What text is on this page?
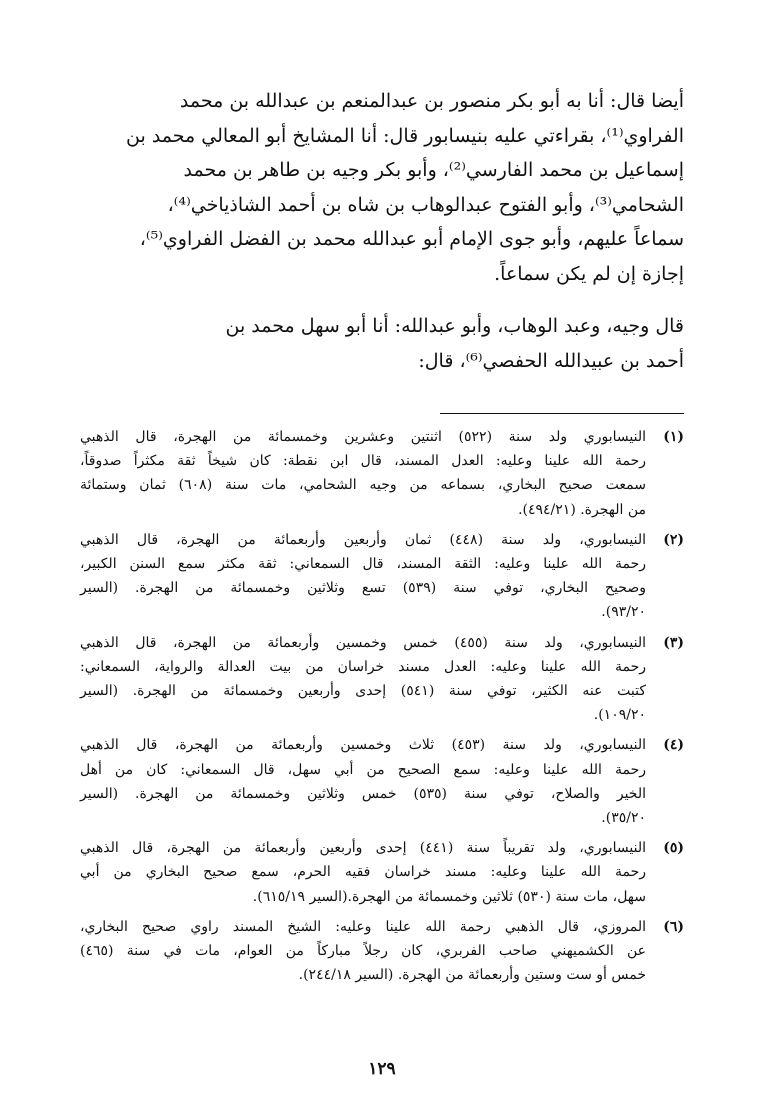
أيضا قال: أنا به أبو بكر منصور بن عبدالمنعم بن عبدالله بن محمد
الفراوي⁽¹⁾، بقراءتي عليه بنيسابور قال: أنا المشايخ أبو المعالي محمد بن
إسماعيل بن محمد الفارسي⁽²⁾، وأبو بكر وجيه بن طاهر بن محمد
الشحامي⁽³⁾، وأبو الفتوح عبدالوهاب بن شاه بن أحمد الشاذياخي⁽⁴⁾،
سماعاً عليهم، وأبو جوى الإمام أبو عبدالله محمد بن الفضل الفراوي⁽⁵⁾،
إجازة إن لم يكن سماعاً.
قال وجيه، وعبد الوهاب، وأبو عبدالله: أنا أبو سهل محمد بن
أحمد بن عبيدالله الحفصي⁽⁶⁾، قال:
(١)
النيسابوري ولد سنة (٥٢٢) اثنتين وعشرين وخمسمائة من الهجرة، قال الذهبي
رحمة الله علينا وعليه: العدل المسند، قال ابن نقطة: كان شيخاً ثقة مكثراً صدوقاً،
سمعت صحيح البخاري، بسماعه من وجيه الشحامي، مات سنة (٦٠٨) ثمان وستمائة
من الهجرة. (٤٩٤/٢١).
(٢)
النيسابوري، ولد سنة (٤٤٨) ثمان وأربعين وأربعمائة من الهجرة، قال الذهبي
رحمة الله علينا وعليه: الثقة المسند، قال السمعاني: ثقة مكثر سمع السنن الكبير،
وصحيح البخاري، توفي سنة (٥٣٩) تسع وثلاثين وخمسمائة من الهجرة. (السير
٩٣/٢٠).
(٣)
النيسابوري، ولد سنة (٤٥٥) خمس وخمسين وأربعمائة من الهجرة، قال الذهبي
رحمة الله علينا وعليه: العدل مسند خراسان من بيت العدالة والرواية، السمعاني:
كتبت عنه الكثير، توفي سنة (٥٤١) إحدى وأربعين وخمسمائة من الهجرة. (السير
١٠٩/٢٠).
(٤)
النيسابوري، ولد سنة (٤٥٣) ثلاث وخمسين وأربعمائة من الهجرة، قال الذهبي
رحمة الله علينا وعليه: سمع الصحيح من أبي سهل، قال السمعاني: كان من أهل
الخير والصلاح، توفي سنة (٥٣٥) خمس وثلاثين وخمسمائة من الهجرة. (السير
٣٥/٢٠).
(٥)
النيسابوري، ولد تقريباً سنة (٤٤١) إحدى وأربعين وأربعمائة من الهجرة، قال الذهبي
رحمة الله علينا وعليه: مسند خراسان فقيه الحرم، سمع صحيح البخاري من أبي
سهل، مات سنة (٥٣٠) ثلاثين وخمسمائة من الهجرة.(السير ٦١٥/١٩).
(٦)
المروزي، قال الذهبي رحمة الله علينا وعليه: الشيخ المسند راوي صحيح البخاري،
عن الكشميهني صاحب الفربري، كان رجلاً مباركاً من العوام، مات في سنة (٤٦٥)
خمس أو ست وستين وأربعمائة من الهجرة. (السير ٢٤٤/١٨).
١٢٩
